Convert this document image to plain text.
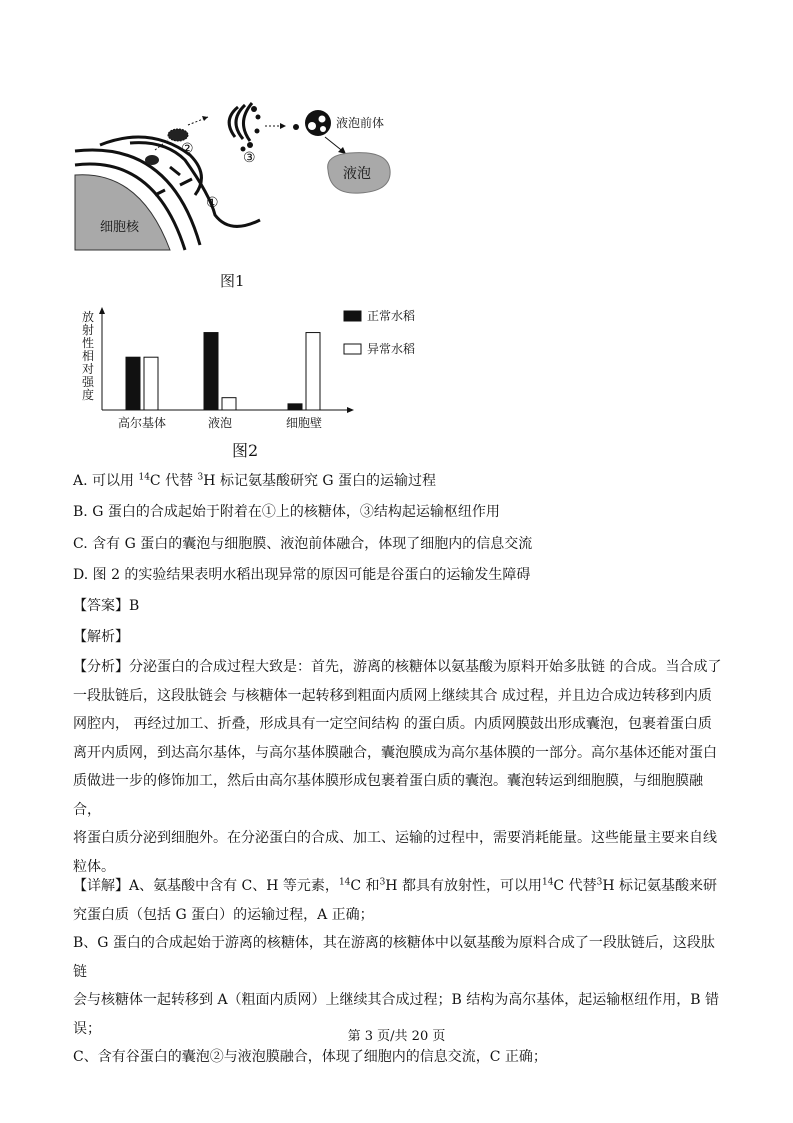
细胞核
液泡
液泡前体
①
②
③
图1
放
射
性
相
对
强
度
高尔基体	液泡	细胞壁
正常水稻
异常水稻
图2
A. 可以用 $^{14}$C 代替 $^3$H 标记氨基酸研究 G 蛋白的运输过程
B. G 蛋白的合成起始于附着在①上的核糖体，③结构起运输枢纽作用
C. 含有 G 蛋白的囊泡与细胞膜、液泡前体融合，体现了细胞内的信息交流
D. 图 2 的实验结果表明水稻出现异常的原因可能是谷蛋白的运输发生障碍
【答案】B
【解析】

【分析】分泌蛋白的合成过程大致是：首先，游离的核糖体以氨基酸为原料开始多肽链 的合成。当合成了

一段肽链后，这段肽链会 与核糖体一起转移到粗面内质网上继续其合 成过程，并且边合成边转移到内质

网腔内， 再经过加工、折叠，形成具有一定空间结构 的蛋白质。内质网膜鼓出形成囊泡，包裹着蛋白质

离开内质网，到达高尔基体，与高尔基体膜融合，囊泡膜成为高尔基体膜的一部分。高尔基体还能对蛋白

质做进一步的修饰加工，然后由高尔基体膜形成包裹着蛋白质的囊泡。囊泡转运到细胞膜，与细胞膜融合，

将蛋白质分泌到细胞外。在分泌蛋白的合成、加工、运输的过程中，需要消耗能量。这些能量主要来自线

粒体。

【详解】A、氨基酸中含有 C、H 等元素，$^{14}$C 和$^3$H 都具有放射性，可以用$^{14}$C 代替$^3$H 标记氨基酸来研

究蛋白质（包括 G 蛋白）的运输过程，A 正确；

B、G 蛋白的合成起始于游离的核糖体，其在游离的核糖体中以氨基酸为原料合成了一段肽链后，这段肽链

会与核糖体一起转移到 A（粗面内质网）上继续其合成过程；B 结构为高尔基体，起运输枢纽作用，B 错误；

C、含有谷蛋白的囊泡②与液泡膜融合，体现了细胞内的信息交流，C 正确；

第 3 页/共 20 页
